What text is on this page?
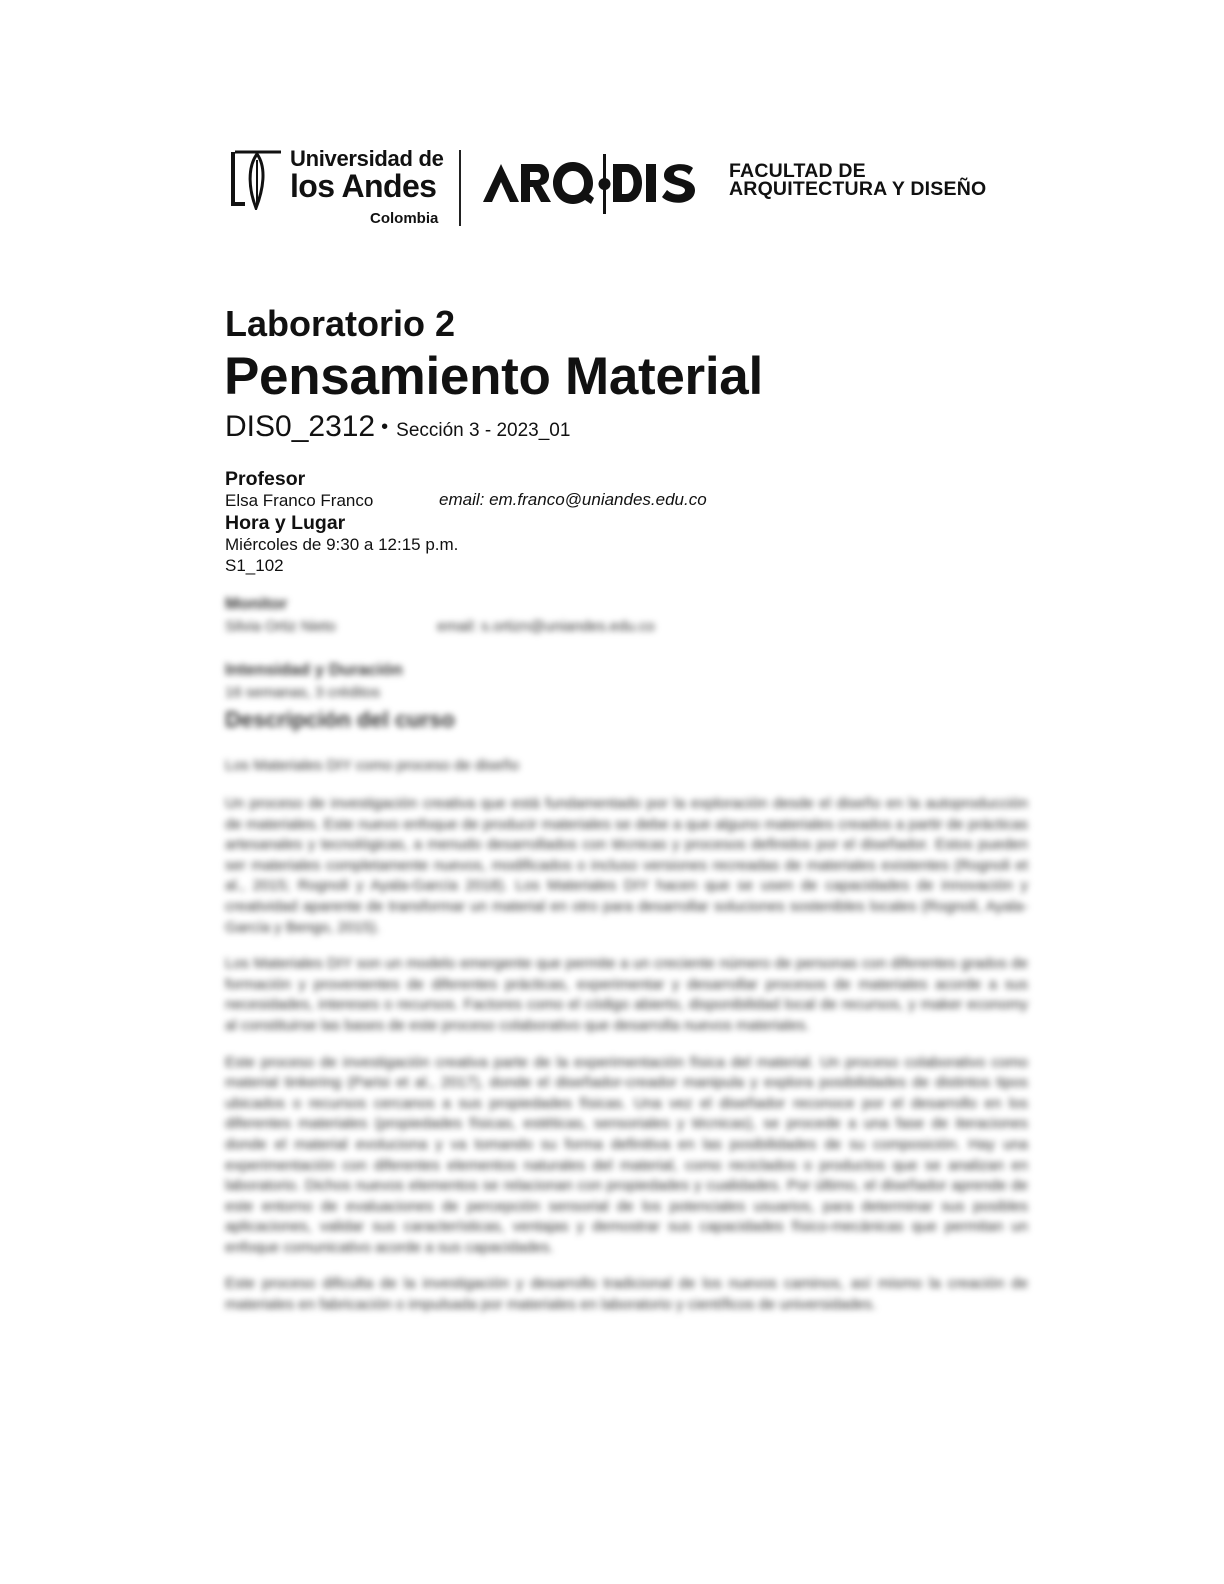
Universidad de
los Andes
Colombia
FACULTAD DE
ARQUITECTURA Y DISEÑO
Laboratorio 2
Pensamiento Material
DIS0_2312 • Sección 3 - 2023_01
Profesor
Elsa Franco Franco	email: em.franco@uniandes.edu.co
Hora y Lugar
Miércoles de 9:30 a 12:15 p.m.
S1_102
Monitor
Silvia Ortiz Nieto	email: s.ortizn@uniandes.edu.co
Intensidad y Duración
16 semanas, 3 créditos
Descripción del curso
Los Materiales DIY como proceso de diseño

Un proceso de investigación creativa que está fundamentado por la exploración desde el diseño en la autoproducción de materiales. Este nuevo enfoque de producir materiales se debe a que alguno materiales creados a partir de prácticas artesanales y tecnológicas, a menudo desarrollados con técnicas y procesos definidos por el diseñador. Estos pueden ser materiales completamente nuevos, modificados o incluso versiones recreadas de materiales existentes (Rognoli et al., 2015; Rognoli y Ayala-García 2018). Los Materiales DIY hacen que se usen de capacidades de innovación y creatividad aparente de transformar un material en otro para desarrollar soluciones sostenibles locales (Rognoli, Ayala-García y Bengo, 2015).

Los Materiales DIY son un modelo emergente que permite a un creciente número de personas con diferentes grados de formación y provenientes de diferentes prácticas, experimentar y desarrollar procesos de materiales acorde a sus necesidades, intereses o recursos. Factores como el código abierto, disponibilidad local de recursos, y maker economy al constituirse las bases de este proceso colaborativo que desarrolla nuevos materiales.

Este proceso de investigación creativa parte de la experimentación física del material. Un proceso colaborativo como material tinkering (Parisi et al., 2017), donde el diseñador-creador manipula y explora posibilidades de distintos tipos ubicados o recursos cercanos a sus propiedades físicas. Una vez el diseñador reconoce por el desarrollo en los diferentes materiales (propiedades físicas, estéticas, sensoriales y técnicas), se procede a una fase de iteraciones donde el material evoluciona y va tomando su forma definitiva en las posibilidades de su composición. Hay una experimentación con diferentes elementos naturales del material, como reciclados o productos que se analizan en laboratorio. Dichos nuevos elementos se relacionan con propiedades y cualidades. Por último, el diseñador aprende de este entorno de evaluaciones de percepción sensorial de los potenciales usuarios, para determinar sus posibles aplicaciones, validar sus características, ventajas y demostrar sus capacidades físico-mecánicas que permitan un enfoque comunicativo acorde a sus capacidades.

Este proceso dificulta de la investigación y desarrollo tradicional de los nuevos caminos, así mismo la creación de materiales en fabricación o impulsada por materiales en laboratorio y científicos de universidades.
